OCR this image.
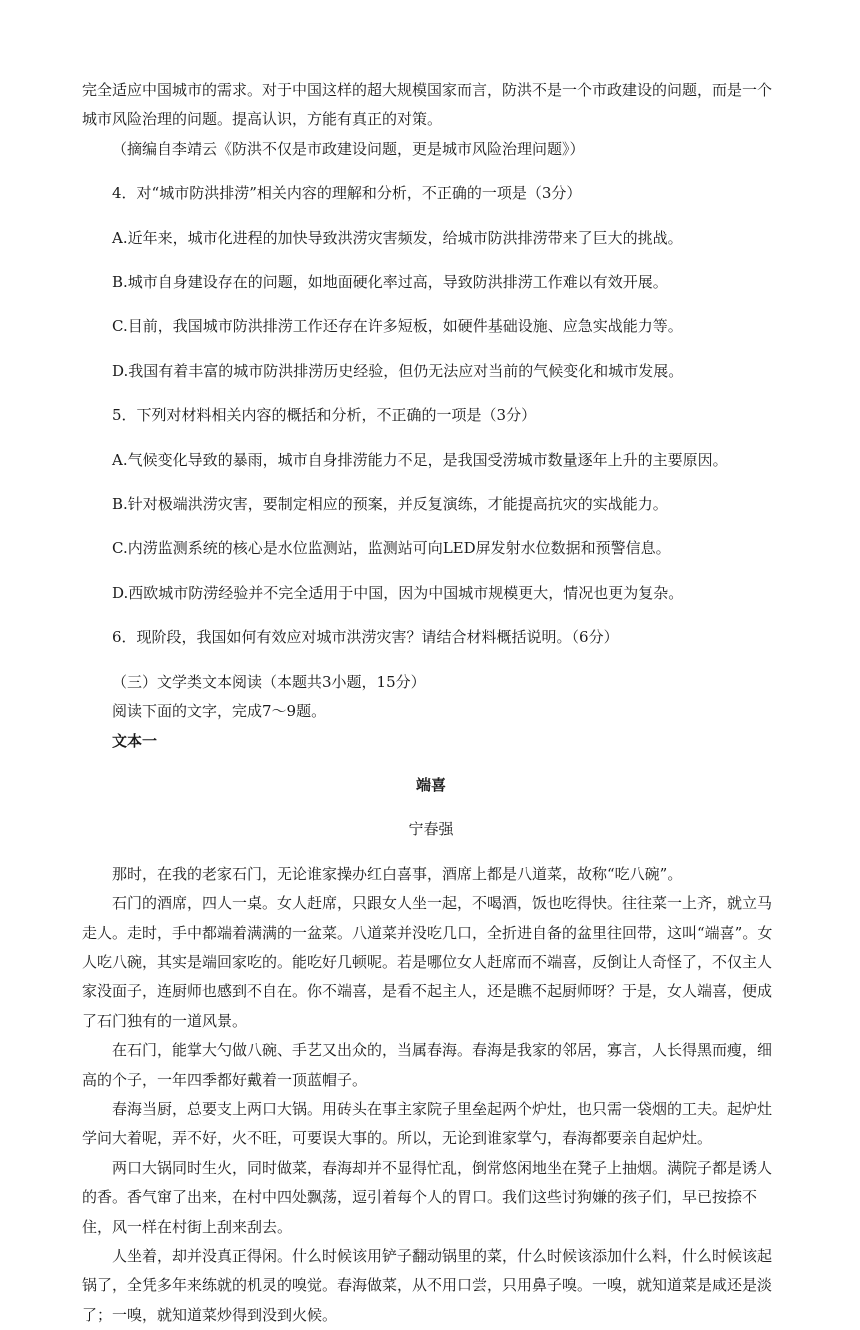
完全适应中国城市的需求。对于中国这样的超大规模国家而言，防洪不是一个市政建设的问题，而是一个城市风险治理的问题。提高认识，方能有真正的对策。

（摘编自李靖云《防洪不仅是市政建设问题，更是城市风险治理问题》）

4．对“城市防洪排涝”相关内容的理解和分析，不正确的一项是（3分）

A.近年来，城市化进程的加快导致洪涝灾害频发，给城市防洪排涝带来了巨大的挑战。

B.城市自身建设存在的问题，如地面硬化率过高，导致防洪排涝工作难以有效开展。

C.目前，我国城市防洪排涝工作还存在许多短板，如硬件基础设施、应急实战能力等。

D.我国有着丰富的城市防洪排涝历史经验，但仍无法应对当前的气候变化和城市发展。

5．下列对材料相关内容的概括和分析，不正确的一项是（3分）

A.气候变化导致的暴雨，城市自身排涝能力不足，是我国受涝城市数量逐年上升的主要原因。

B.针对极端洪涝灾害，要制定相应的预案，并反复演练，才能提高抗灾的实战能力。

C.内涝监测系统的核心是水位监测站，监测站可向LED屏发射水位数据和预警信息。

D.西欧城市防涝经验并不完全适用于中国，因为中国城市规模更大，情况也更为复杂。

6．现阶段，我国如何有效应对城市洪涝灾害？请结合材料概括说明。（6分）

（三）文学类文本阅读（本题共3小题，15分）

阅读下面的文字，完成7～9题。

文本一

端喜

宁春强

那时，在我的老家石门，无论谁家操办红白喜事，酒席上都是八道菜，故称“吃八碗”。

石门的酒席，四人一桌。女人赶席，只跟女人坐一起，不喝酒，饭也吃得快。往往菜一上齐，就立马走人。走时，手中都端着满满的一盆菜。八道菜并没吃几口，全折进自备的盆里往回带，这叫“端喜”。女人吃八碗，其实是端回家吃的。能吃好几顿呢。若是哪位女人赶席而不端喜，反倒让人奇怪了，不仅主人家没面子，连厨师也感到不自在。你不端喜，是看不起主人，还是瞧不起厨师呀？于是，女人端喜，便成了石门独有的一道风景。

在石门，能掌大勺做八碗、手艺又出众的，当属春海。春海是我家的邻居，寡言，人长得黑而瘦，细高的个子，一年四季都好戴着一顶蓝帽子。

春海当厨，总要支上两口大锅。用砖头在事主家院子里垒起两个炉灶，也只需一袋烟的工夫。起炉灶学问大着呢，弄不好，火不旺，可要误大事的。所以，无论到谁家掌勺，春海都要亲自起炉灶。

两口大锅同时生火，同时做菜，春海却并不显得忙乱，倒常悠闲地坐在凳子上抽烟。满院子都是诱人的香。香气窜了出来，在村中四处飘荡，逗引着每个人的胃口。我们这些讨狗嫌的孩子们，早已按捺不住，风一样在村街上刮来刮去。

人坐着，却并没真正得闲。什么时候该用铲子翻动锅里的菜，什么时候该添加什么料，什么时候该起锅了，全凭多年来练就的机灵的嗅觉。春海做菜，从不用口尝，只用鼻子嗅。一嗅，就知道菜是咸还是淡了；一嗅，就知道菜炒得到没到火候。
